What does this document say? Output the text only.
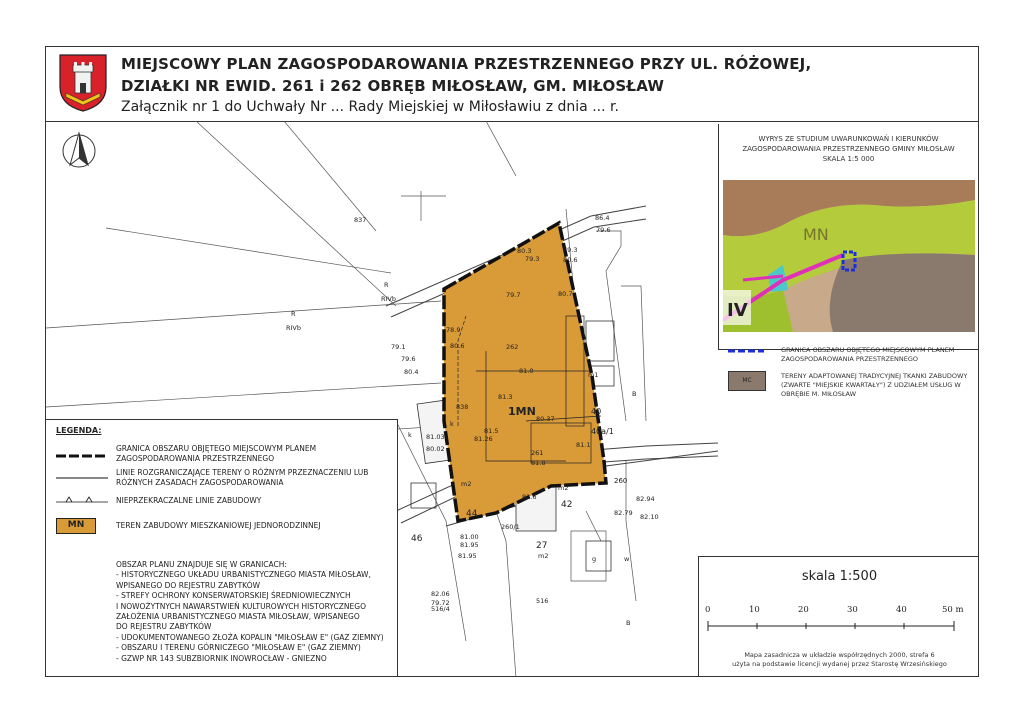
MIEJSCOWY PLAN ZAGOSPODAROWANIA PRZESTRZENNEGO PRZY UL. RÓŻOWEJ,
DZIAŁKI NR EWID. 261 i 262 OBRĘB MIŁOSŁAW, GM. MIŁOSŁAW
Załącznik nr 1 do Uchwały Nr ... Rady Miejskiej w Miłosławiu z dnia ... r.
837
838
262
261
44
46
42
27
260
40
40a/1
516
516/4
260/1
R
RIVb
R
RIVb
m2	m2
m2
m1
B
B
g	w
1MN
86.4
79.6
80.3
79.3
79.3
80.6
79.7	80.7
78.9
80.6
79.1
79.6
80.4	81.0
81.3
80.37
81.5
81.03
80.02
81.26
81.8
81.1
82.94
82.10
82.79
81.00
81.95
81.95
82.06
79.72
82.6
k
k
WYRYS ZE STUDIUM UWARUNKOWAŃ I KIERUNKÓW
ZAGOSPODAROWANIA PRZESTRZENNEGO GMINY MIŁOSŁAW
SKALA 1:5 000
IV
MN
GRANICA OBSZARU OBJĘTEGO MIEJSCOWYM PLANEM ZAGOSPODAROWANIA PRZESTRZENNEGO
MC
TERENY ADAPTOWANEJ TRADYCYJNEJ TKANKI ZABUDOWY (ZWARTE "MIEJSKIE KWARTAŁY") Z UDZIAŁEM USŁUG W OBRĘBIE M. MIŁOSŁAW
LEGENDA:
GRANICA OBSZARU OBJĘTEGO MIEJSCOWYM PLANEM ZAGOSPODAROWANIA PRZESTRZENNEGO
LINIE ROZGRANICZAJĄCE TERENY O RÓŻNYM PRZEZNACZENIU LUB RÓŻNYCH ZASADACH ZAGOSPODAROWANIA
NIEPRZEKRACZALNE LINIE ZABUDOWY
MN	TEREN ZABUDOWY MIESZKANIOWEJ JEDNORODZINNEJ
OBSZAR PLANU ZNAJDUJE SIĘ W GRANICACH:
- HISTORYCZNEGO UKŁADU URBANISTYCZNEGO MIASTA MIŁOSŁAW,
WPISANEGO DO REJESTRU ZABYTKÓW
- STREFY OCHRONY KONSERWATORSKIEJ ŚREDNIOWIECZNYCH
I NOWOŻYTNYCH NAWARSTWIEŃ KULTUROWYCH HISTORYCZNEGO
ZAŁOŻENIA URBANISTYCZNEGO MIASTA MIŁOSŁAW, WPISANEGO
DO REJESTRU ZABYTKÓW
- UDOKUMENTOWANEGO ZŁOŻA KOPALIN "MIŁOSŁAW E" (GAZ ZIEMNY)
- OBSZARU I TERENU GÓRNICZEGO "MIŁOSŁAW E" (GAZ ZIEMNY)
- GZWP NR 143 SUBZBIORNIK INOWROCŁAW - GNIEZNO
skala 1:500
0	10	20	30	40	50 m
Mapa zasadnicza w układzie współrzędnych 2000, strefa 6
użyta na podstawie licencji wydanej przez Starostę Wrzesińskiego
